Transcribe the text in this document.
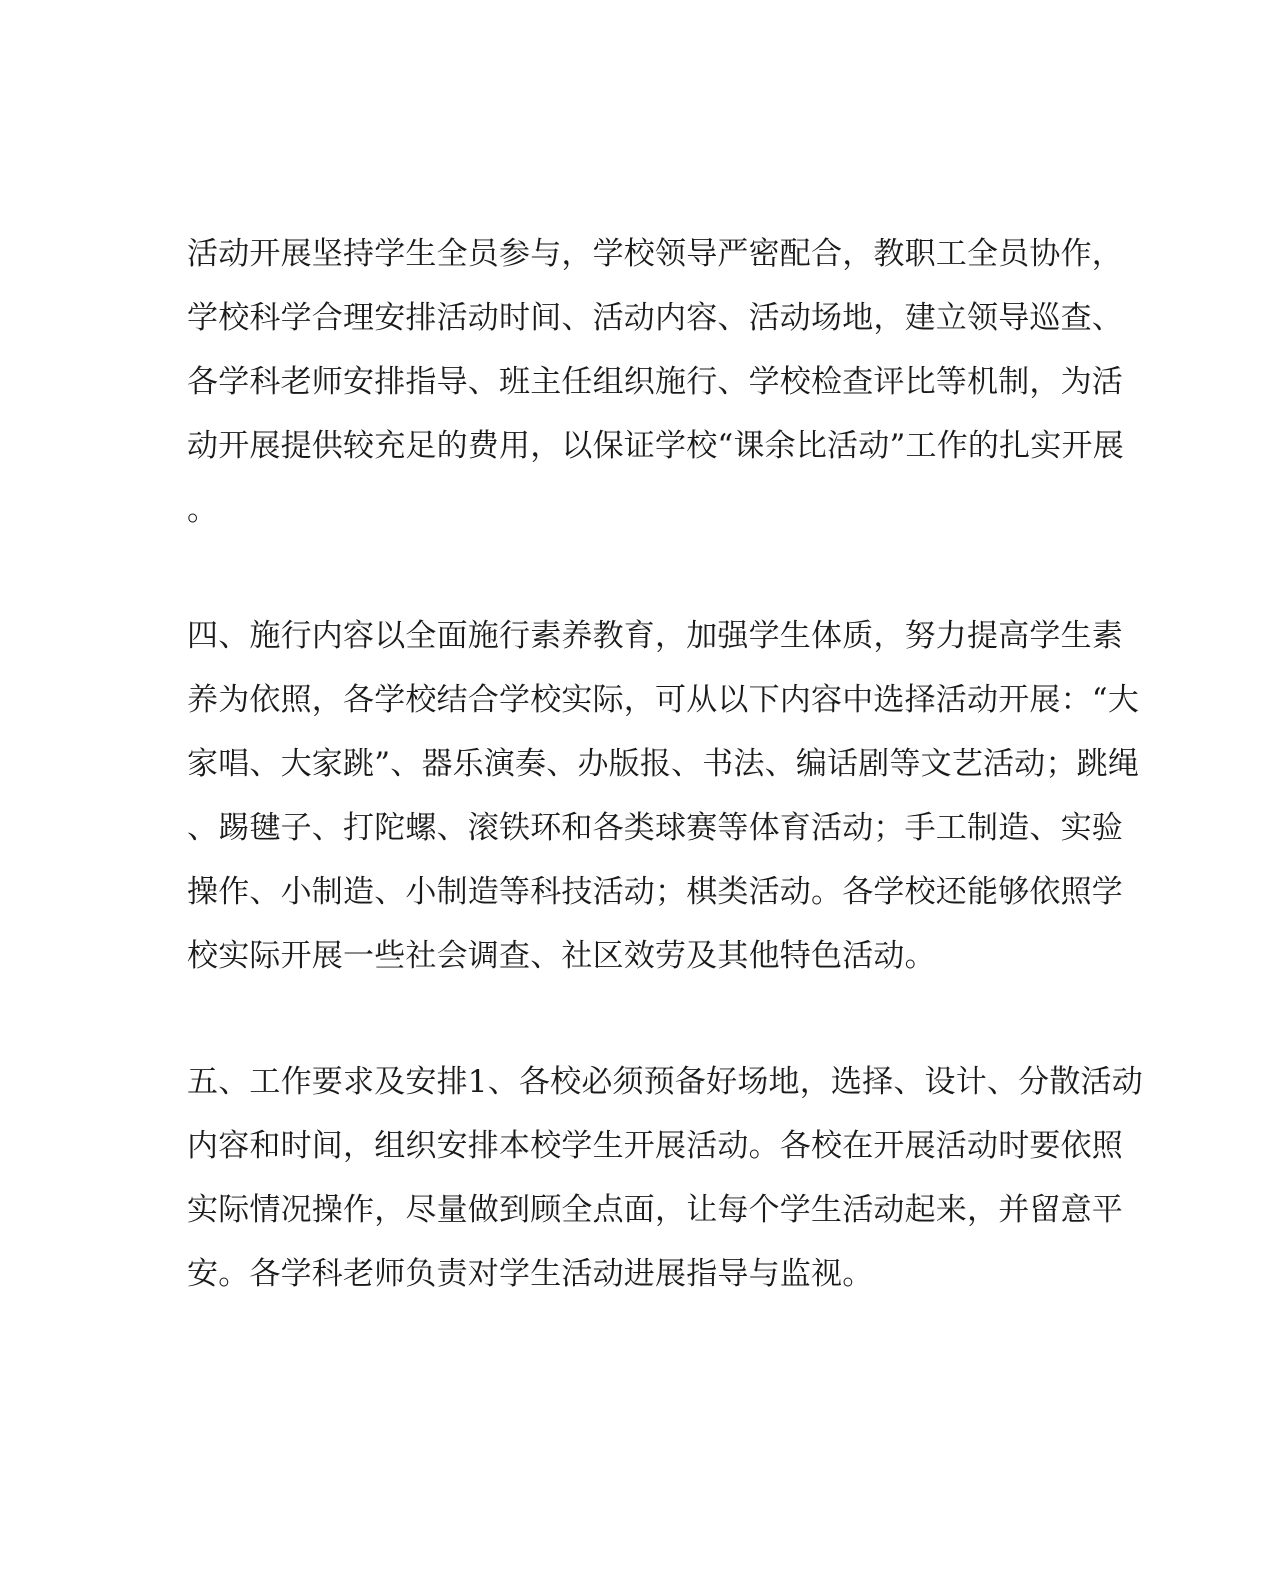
活动开展坚持学生全员参与，学校领导严密配合，教职工全员协作，
学校科学合理安排活动时间、活动内容、活动场地，建立领导巡查、
各学科老师安排指导、班主任组织施行、学校检查评比等机制，为活
动开展提供较充足的费用，以保证学校“课余比活动”工作的扎实开展
。
四、施行内容以全面施行素养教育，加强学生体质，努力提高学生素
养为依照，各学校结合学校实际，可从以下内容中选择活动开展：“大
家唱、大家跳”、器乐演奏、办版报、书法、编话剧等文艺活动；跳绳
、踢毽子、打陀螺、滚铁环和各类球赛等体育活动；手工制造、实验
操作、小制造、小制造等科技活动；棋类活动。各学校还能够依照学
校实际开展一些社会调查、社区效劳及其他特色活动。
五、工作要求及安排1、各校必须预备好场地，选择、设计、分散活动
内容和时间，组织安排本校学生开展活动。各校在开展活动时要依照
实际情况操作，尽量做到顾全点面，让每个学生活动起来，并留意平
安。各学科老师负责对学生活动进展指导与监视。
